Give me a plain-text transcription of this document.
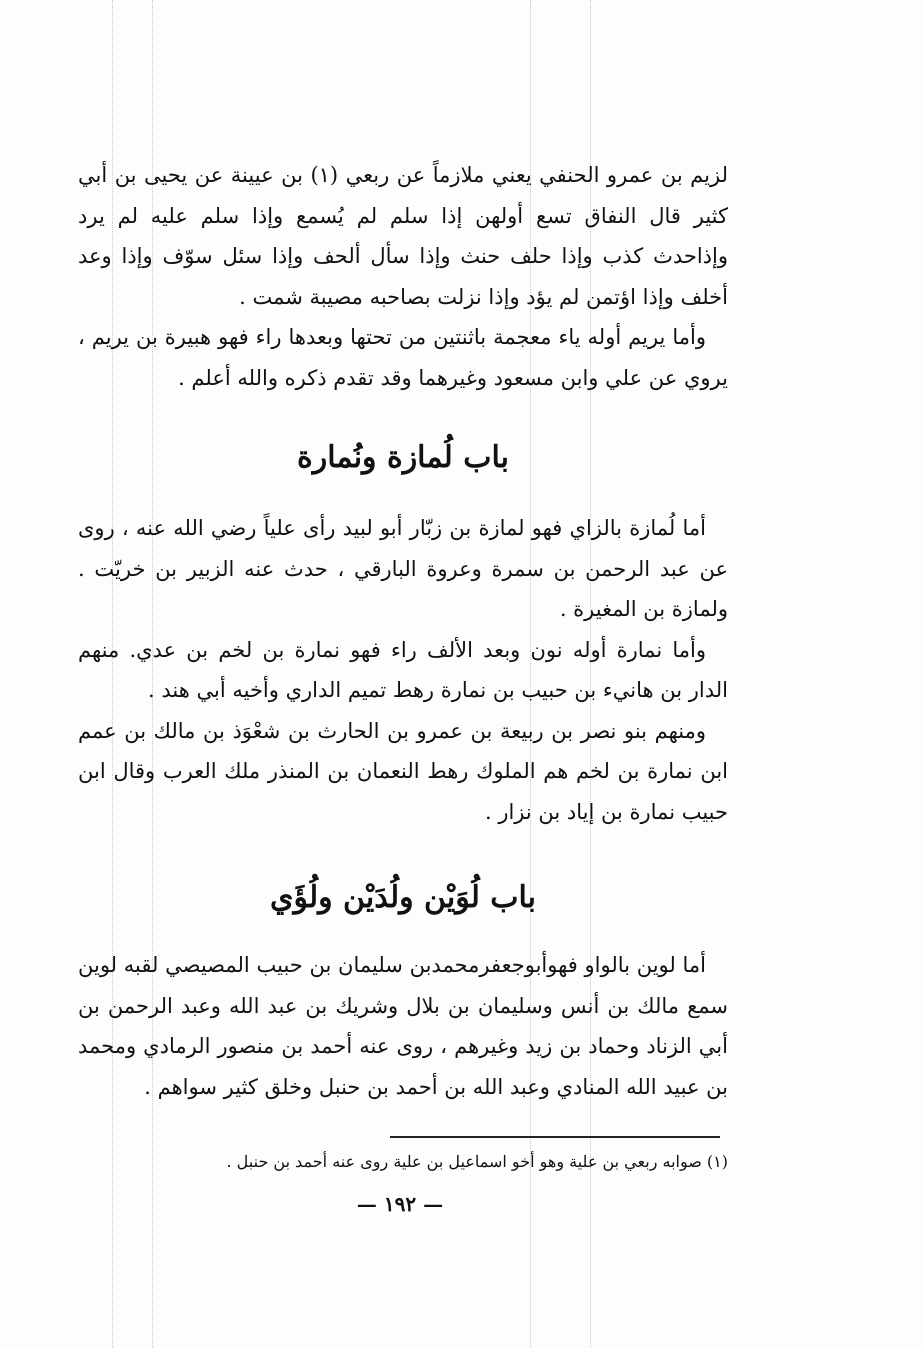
لزيم بن عمرو الحنفي يعني ملازماً عن ربعي (١) بن عيينة عن يحيى بن أبي كثير قال النفاق تسع أولهن إذا سلم لم يُسمع وإذا سلم عليه لم يرد وإذاحدث كذب وإذا حلف حنث وإذا سأل ألحف وإذا سئل سوّف وإذا وعد أخلف وإذا اؤتمن لم يؤد وإذا نزلت بصاحبه مصيبة شمت .

وأما يريم أوله ياء معجمة باثنتين من تحتها وبعدها راء فهو هبيرة بن يريم ، يروي عن علي وابن مسعود وغيرهما وقد تقدم ذكره والله أعلم .

باب لُمازة ونُمارة

أما لُمازة بالزاي فهو لمازة بن زبّار أبو لبيد رأى علياً رضي الله عنه ، روى عن عبد الرحمن بن سمرة وعروة البارقي ، حدث عنه الزبير بن خريّت . ولمازة بن المغيرة .

وأما نمارة أوله نون وبعد الألف راء فهو نمارة بن لخم بن عدي. منهم الدار بن هانيء بن حبيب بن نمارة رهط تميم الداري وأخيه أبي هند .

ومنهم بنو نصر بن ربيعة بن عمرو بن الحارث بن شعْوَذ بن مالك بن عمم ابن نمارة بن لخم هم الملوك رهط النعمان بن المنذر ملك العرب وقال ابن حبيب نمارة بن إياد بن نزار .

باب لُوَيْن ولُدَيْن ولُؤَي

أما لوين بالواو فهوأبوجعفرمحمدبن سليمان بن حبيب المصيصي لقبه لوين سمع مالك بن أنس وسليمان بن بلال وشريك بن عبد الله وعبد الرحمن بن أبي الزناد وحماد بن زيد وغيرهم ، روى عنه أحمد بن منصور الرمادي ومحمد بن عبيد الله المنادي وعبد الله بن أحمد بن حنبل وخلق كثير سواهم .

(١) صوابه ربعي بن علية وهو أخو اسماعيل بن علية روى عنه أحمد بن حنبل .
— ١٩٢ —
